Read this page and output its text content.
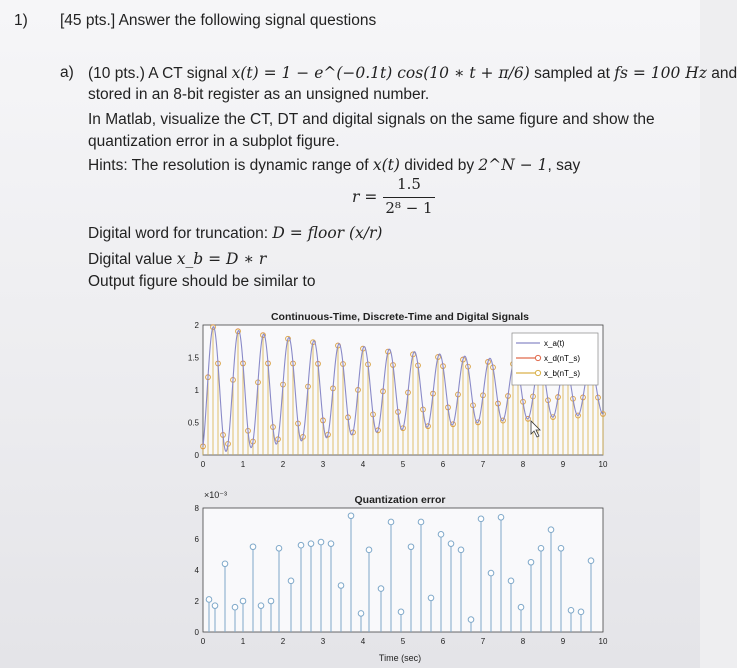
1) [45 pts.] Answer the following signal questions
a) (10 pts.) A CT signal x(t) = 1 − e^(−0.1t) cos(10 ∗ t + π/6) sampled at fs = 100 Hz and
stored in an 8-bit register as an unsigned number.
In Matlab, visualize the CT, DT and digital signals on the same figure and show the
quantization error in a subplot figure.
Hints: The resolution is dynamic range of x(t) divided by 2^N − 1, say
r =
1.5
2⁸ − 1
Digital word for truncation: D = floor (x/r)
Digital value x_b = D ∗ r
Output figure should be similar to
Continuous-Time, Discrete-Time and Digital Signals
0
0.5
1
1.5
2
0	1	2	3	4	5	6	7	8	9	10
x_a(t)
x_d(nT_s)
x_b(nT_s)
Quantization error
×10⁻³
0
2
4
6
8
0	1	2	3	4	5	6	7	8	9	10
Time (sec)
